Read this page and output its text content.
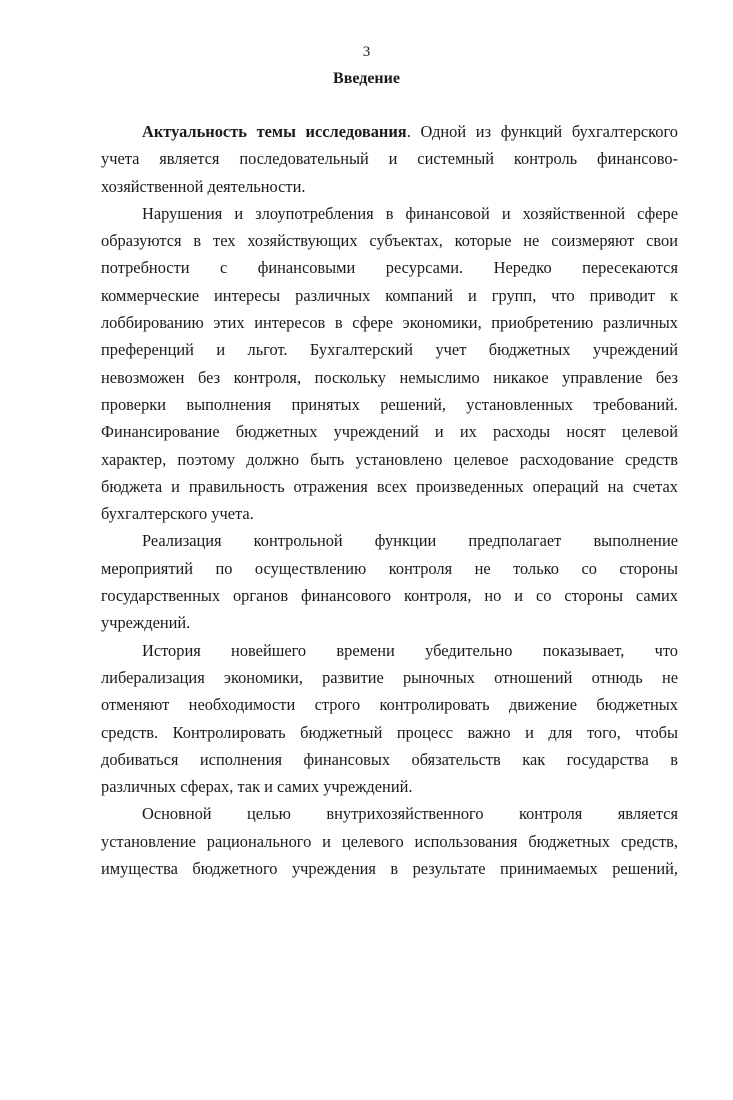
3
Введение
Актуальность темы исследования. Одной из функций бухгалтерского
учета является последовательный и системный контроль финансово-
хозяйственной деятельности.
Нарушения и злоупотребления в финансовой и хозяйственной сфере
образуются в тех хозяйствующих субъектах, которые не соизмеряют свои
потребности с финансовыми ресурсами. Нередко пересекаются
коммерческие интересы различных компаний и групп, что приводит к
лоббированию этих интересов в сфере экономики, приобретению различных
преференций и льгот. Бухгалтерский учет бюджетных учреждений
невозможен без контроля, поскольку немыслимо никакое управление без
проверки выполнения принятых решений, установленных требований.
Финансирование бюджетных учреждений и их расходы носят целевой
характер, поэтому должно быть установлено целевое расходование средств
бюджета и правильность отражения всех произведенных операций на счетах
бухгалтерского учета.
Реализация контрольной функции предполагает выполнение
мероприятий по осуществлению контроля не только со стороны
государственных органов финансового контроля, но и со стороны самих
учреждений.
История новейшего времени убедительно показывает, что
либерализация экономики, развитие рыночных отношений отнюдь не
отменяют необходимости строго контролировать движение бюджетных
средств. Контролировать бюджетный процесс важно и для того, чтобы
добиваться исполнения финансовых обязательств как государства в
различных сферах, так и самих учреждений.
Основной целью внутрихозяйственного контроля является
установление рационального и целевого использования бюджетных средств,
имущества бюджетного учреждения в результате принимаемых решений,
